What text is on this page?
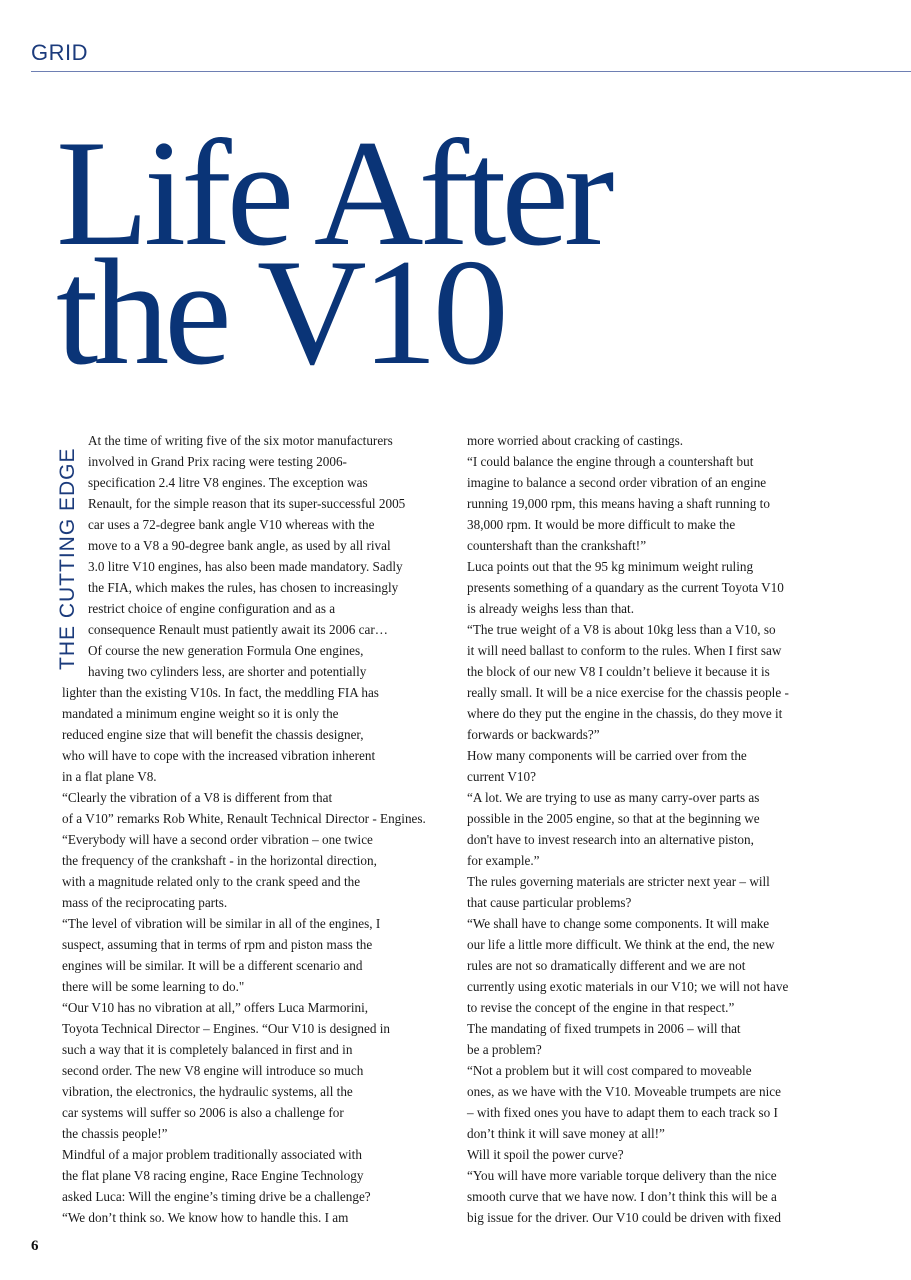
GRID
Life After
the V10
THE CUTTING EDGE
At the time of writing five of the six motor manufacturers
involved in Grand Prix racing were testing 2006-
specification 2.4 litre V8 engines. The exception was
Renault, for the simple reason that its super-successful 2005
car uses a 72-degree bank angle V10 whereas with the
move to a V8 a 90-degree bank angle, as used by all rival
3.0 litre V10 engines, has also been made mandatory. Sadly
the FIA, which makes the rules, has chosen to increasingly
restrict choice of engine configuration and as a
consequence Renault must patiently await its 2006 car…
Of course the new generation Formula One engines,
having two cylinders less, are shorter and potentially
lighter than the existing V10s. In fact, the meddling FIA has
mandated a minimum engine weight so it is only the
reduced engine size that will benefit the chassis designer,
who will have to cope with the increased vibration inherent
in a flat plane V8.
“Clearly the vibration of a V8 is different from that
of a V10” remarks Rob White, Renault Technical Director - Engines.
“Everybody will have a second order vibration – one twice
the frequency of the crankshaft - in the horizontal direction,
with a magnitude related only to the crank speed and the
mass of the reciprocating parts.
“The level of vibration will be similar in all of the engines, I
suspect, assuming that in terms of rpm and piston mass the
engines will be similar. It will be a different scenario and
there will be some learning to do."
“Our V10 has no vibration at all,” offers Luca Marmorini,
Toyota Technical Director – Engines. “Our V10 is designed in
such a way that it is completely balanced in first and in
second order. The new V8 engine will introduce so much
vibration, the electronics, the hydraulic systems, all the
car systems will suffer so 2006 is also a challenge for
the chassis people!”
Mindful of a major problem traditionally associated with
the flat plane V8 racing engine, Race Engine Technology
asked Luca: Will the engine’s timing drive be a challenge?
“We don’t think so. We know how to handle this. I am
more worried about cracking of castings.
“I could balance the engine through a countershaft but
imagine to balance a second order vibration of an engine
running 19,000 rpm, this means having a shaft running to
38,000 rpm. It would be more difficult to make the
countershaft than the crankshaft!”
Luca points out that the 95 kg minimum weight ruling
presents something of a quandary as the current Toyota V10
is already weighs less than that.
“The true weight of a V8 is about 10kg less than a V10, so
it will need ballast to conform to the rules. When I first saw
the block of our new V8 I couldn’t believe it because it is
really small. It will be a nice exercise for the chassis people -
where do they put the engine in the chassis, do they move it
forwards or backwards?”
How many components will be carried over from the
current V10?
“A lot. We are trying to use as many carry-over parts as
possible in the 2005 engine, so that at the beginning we
don't have to invest research into an alternative piston,
for example.”
The rules governing materials are stricter next year – will
that cause particular problems?
“We shall have to change some components. It will make
our life a little more difficult. We think at the end, the new
rules are not so dramatically different and we are not
currently using exotic materials in our V10; we will not have
to revise the concept of the engine in that respect.”
The mandating of fixed trumpets in 2006 – will that
be a problem?
“Not a problem but it will cost compared to moveable
ones, as we have with the V10. Moveable trumpets are nice
– with fixed ones you have to adapt them to each track so I
don’t think it will save money at all!”
Will it spoil the power curve?
“You will have more variable torque delivery than the nice
smooth curve that we have now. I don’t think this will be a
big issue for the driver. Our V10 could be driven with fixed
6
